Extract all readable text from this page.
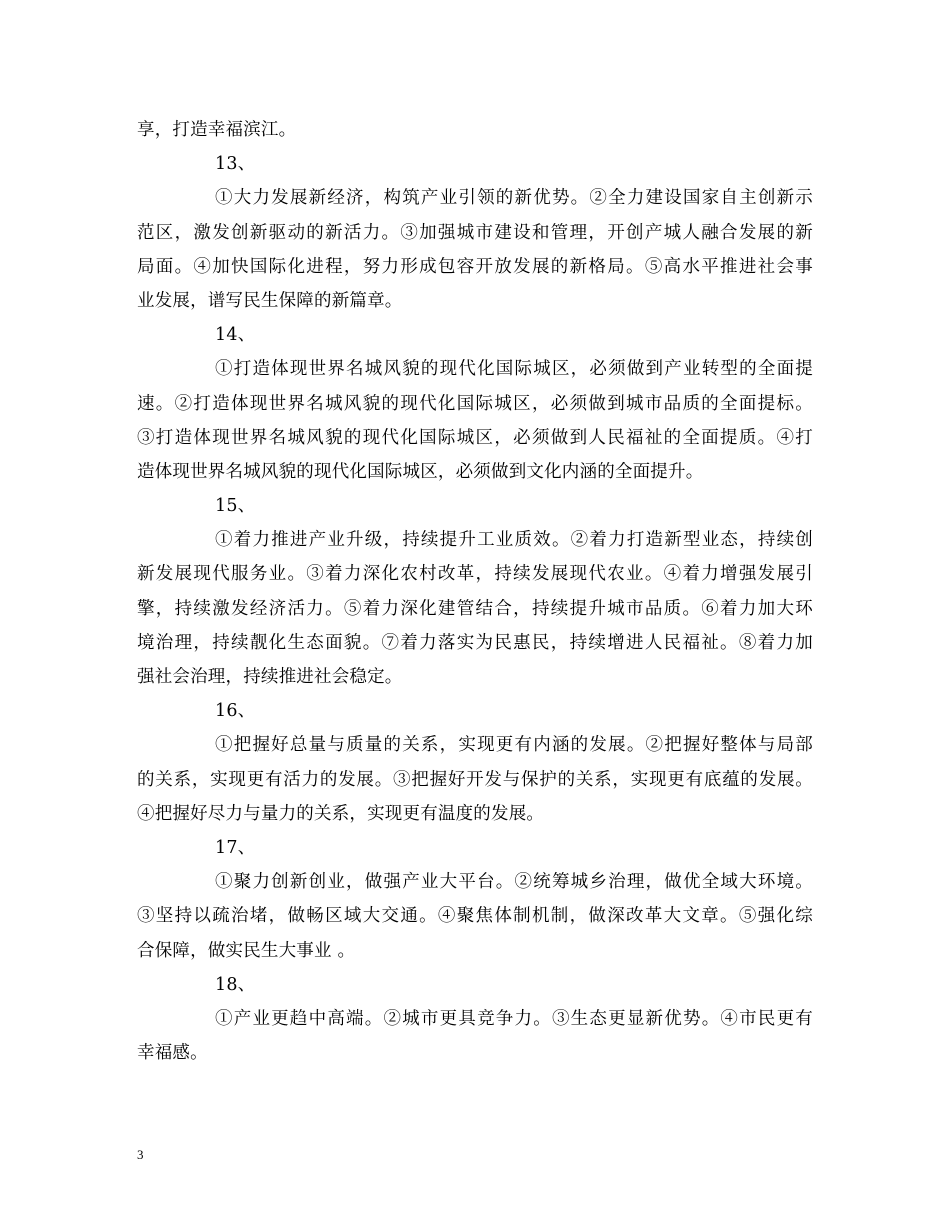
享，打造幸福滨江。
13、
①大力发展新经济，构筑产业引领的新优势。②全力建设国家自主创新示
范区，激发创新驱动的新活力。③加强城市建设和管理，开创产城人融合发展的新
局面。④加快国际化进程，努力形成包容开放发展的新格局。⑤高水平推进社会事
业发展，谱写民生保障的新篇章。
14、
①打造体现世界名城风貌的现代化国际城区，必须做到产业转型的全面提
速。②打造体现世界名城风貌的现代化国际城区，必须做到城市品质的全面提标。
③打造体现世界名城风貌的现代化国际城区，必须做到人民福祉的全面提质。④打
造体现世界名城风貌的现代化国际城区，必须做到文化内涵的全面提升。
15、
①着力推进产业升级，持续提升工业质效。②着力打造新型业态，持续创
新发展现代服务业。③着力深化农村改革，持续发展现代农业。④着力增强发展引
擎，持续激发经济活力。⑤着力深化建管结合，持续提升城市品质。⑥着力加大环
境治理，持续靓化生态面貌。⑦着力落实为民惠民，持续增进人民福祉。⑧着力加
强社会治理，持续推进社会稳定。
16、
①把握好总量与质量的关系，实现更有内涵的发展。②把握好整体与局部
的关系，实现更有活力的发展。③把握好开发与保护的关系，实现更有底蕴的发展。
④把握好尽力与量力的关系，实现更有温度的发展。
17、
①聚力创新创业，做强产业大平台。②统筹城乡治理，做优全域大环境。
③坚持以疏治堵，做畅区域大交通。④聚焦体制机制，做深改革大文章。⑤强化综
合保障，做实民生大事业 。
18、
①产业更趋中高端。②城市更具竞争力。③生态更显新优势。④市民更有
幸福感。
3
